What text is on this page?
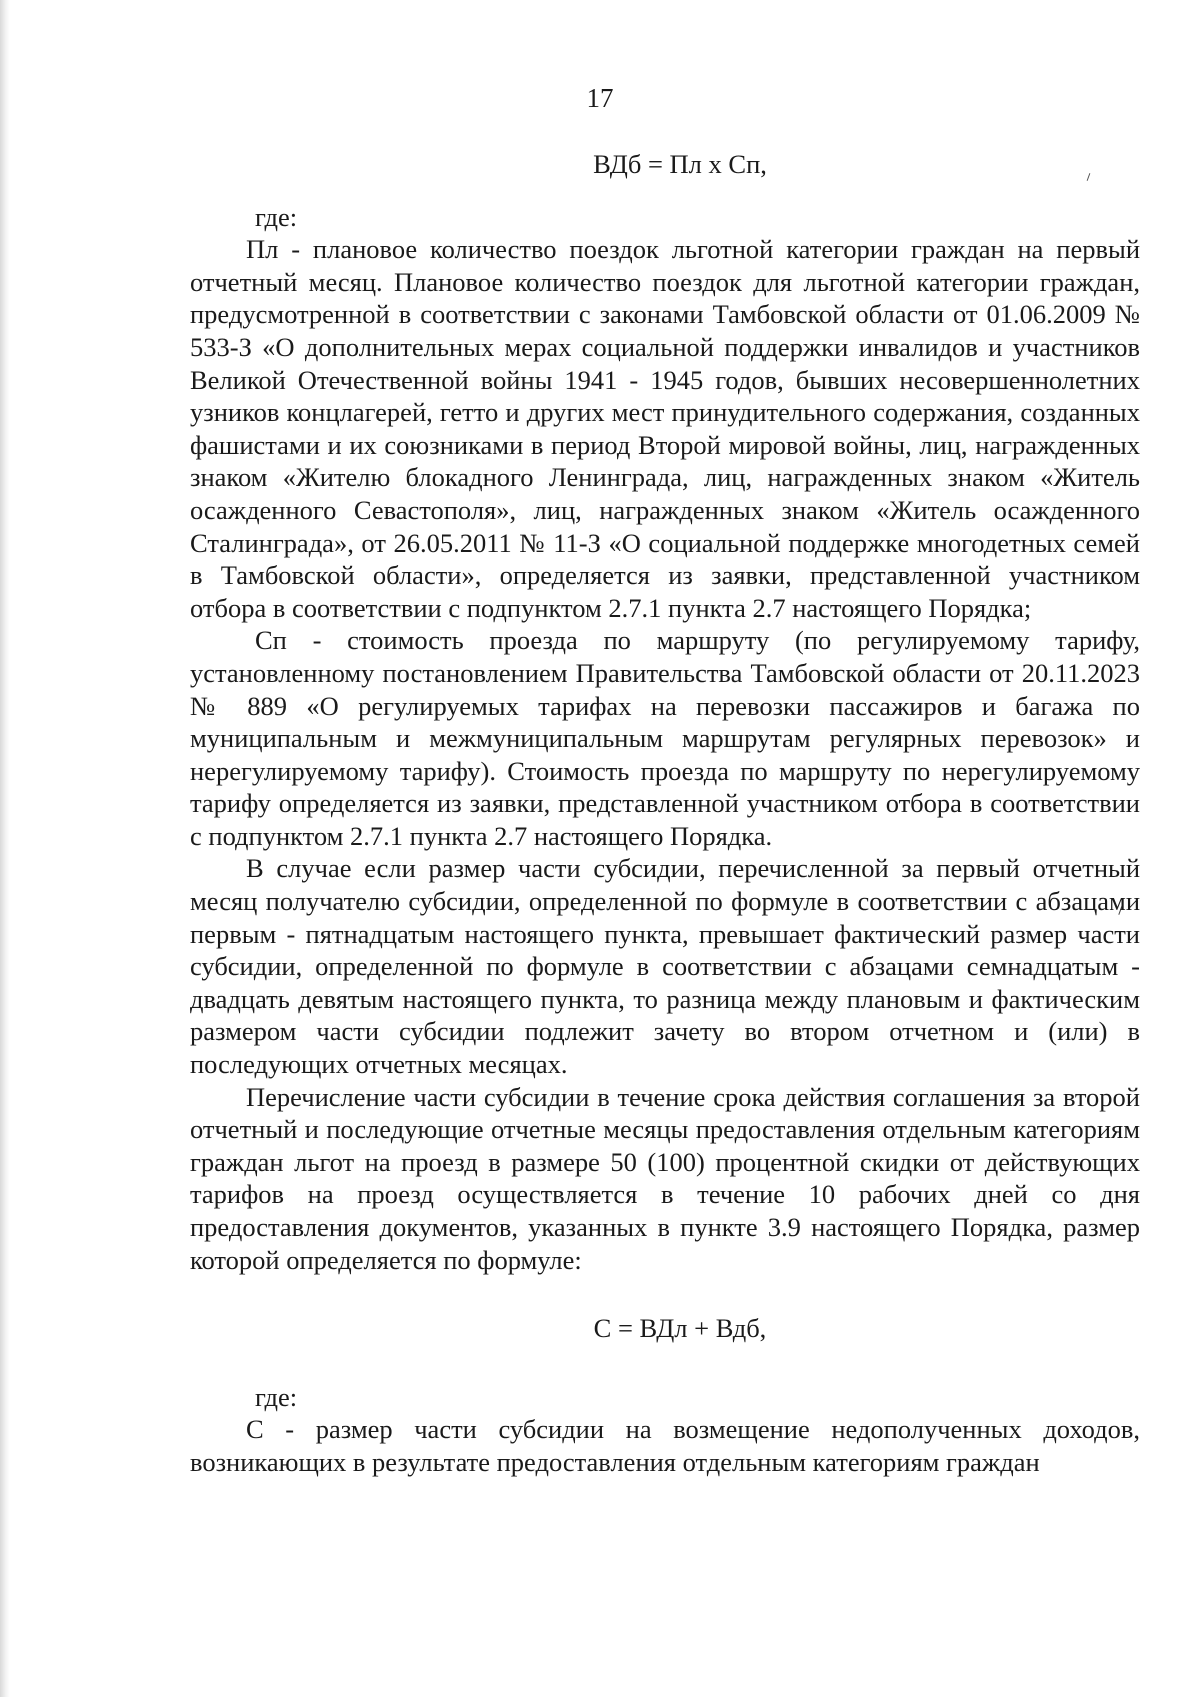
17

ВДб = Пл х Сп,

где:

Пл - плановое количество поездок льготной категории граждан на первый отчетный месяц. Плановое количество поездок для льготной категории граждан, предусмотренной в соответствии с законами Тамбовской области от 01.06.2009 № 533-З «О дополнительных мерах социальной поддержки инвалидов и участников Великой Отечественной войны 1941 - 1945 годов, бывших несовершеннолетних узников концлагерей, гетто и других мест принудительного содержания, созданных фашистами и их союзниками в период Второй мировой войны, лиц, награжденных знаком «Жителю блокадного Ленинграда, лиц, награжденных знаком «Житель осажденного Севастополя», лиц, награжденных знаком «Житель осажденного Сталинграда», от 26.05.2011 № 11-З «О социальной поддержке многодетных семей в Тамбовской области», определяется из заявки, представленной участником отбора в соответствии с подпунктом 2.7.1 пункта 2.7 настоящего Порядка;

Сп - стоимость проезда по маршруту (по регулируемому тарифу, установленному постановлением Правительства Тамбовской области от 20.11.2023 № 889 «О регулируемых тарифах на перевозки пассажиров и багажа по муниципальным и межмуниципальным маршрутам регулярных перевозок» и нерегулируемому тарифу). Стоимость проезда по маршруту по нерегулируемому тарифу определяется из заявки, представленной участником отбора в соответствии с подпунктом 2.7.1 пункта 2.7 настоящего Порядка.

В случае если размер части субсидии, перечисленной за первый отчетный месяц получателю субсидии, определенной по формуле в соответствии с абзацами первым - пятнадцатым настоящего пункта, превышает фактический размер части субсидии, определенной по формуле в соответствии с абзацами семнадцатым - двадцать девятым настоящего пункта, то разница между плановым и фактическим размером части субсидии подлежит зачету во втором отчетном и (или) в последующих отчетных месяцах.

Перечисление части субсидии в течение срока действия соглашения за второй отчетный и последующие отчетные месяцы предоставления отдельным категориям граждан льгот на проезд в размере 50 (100) процентной скидки от действующих тарифов на проезд осуществляется в течение 10 рабочих дней со дня предоставления документов, указанных в пункте 3.9 настоящего Порядка, размер которой определяется по формуле:

С = ВДл + Вдб,

где:

С - размер части субсидии на возмещение недополученных доходов, возникающих в результате предоставления отдельным категориям граждан
